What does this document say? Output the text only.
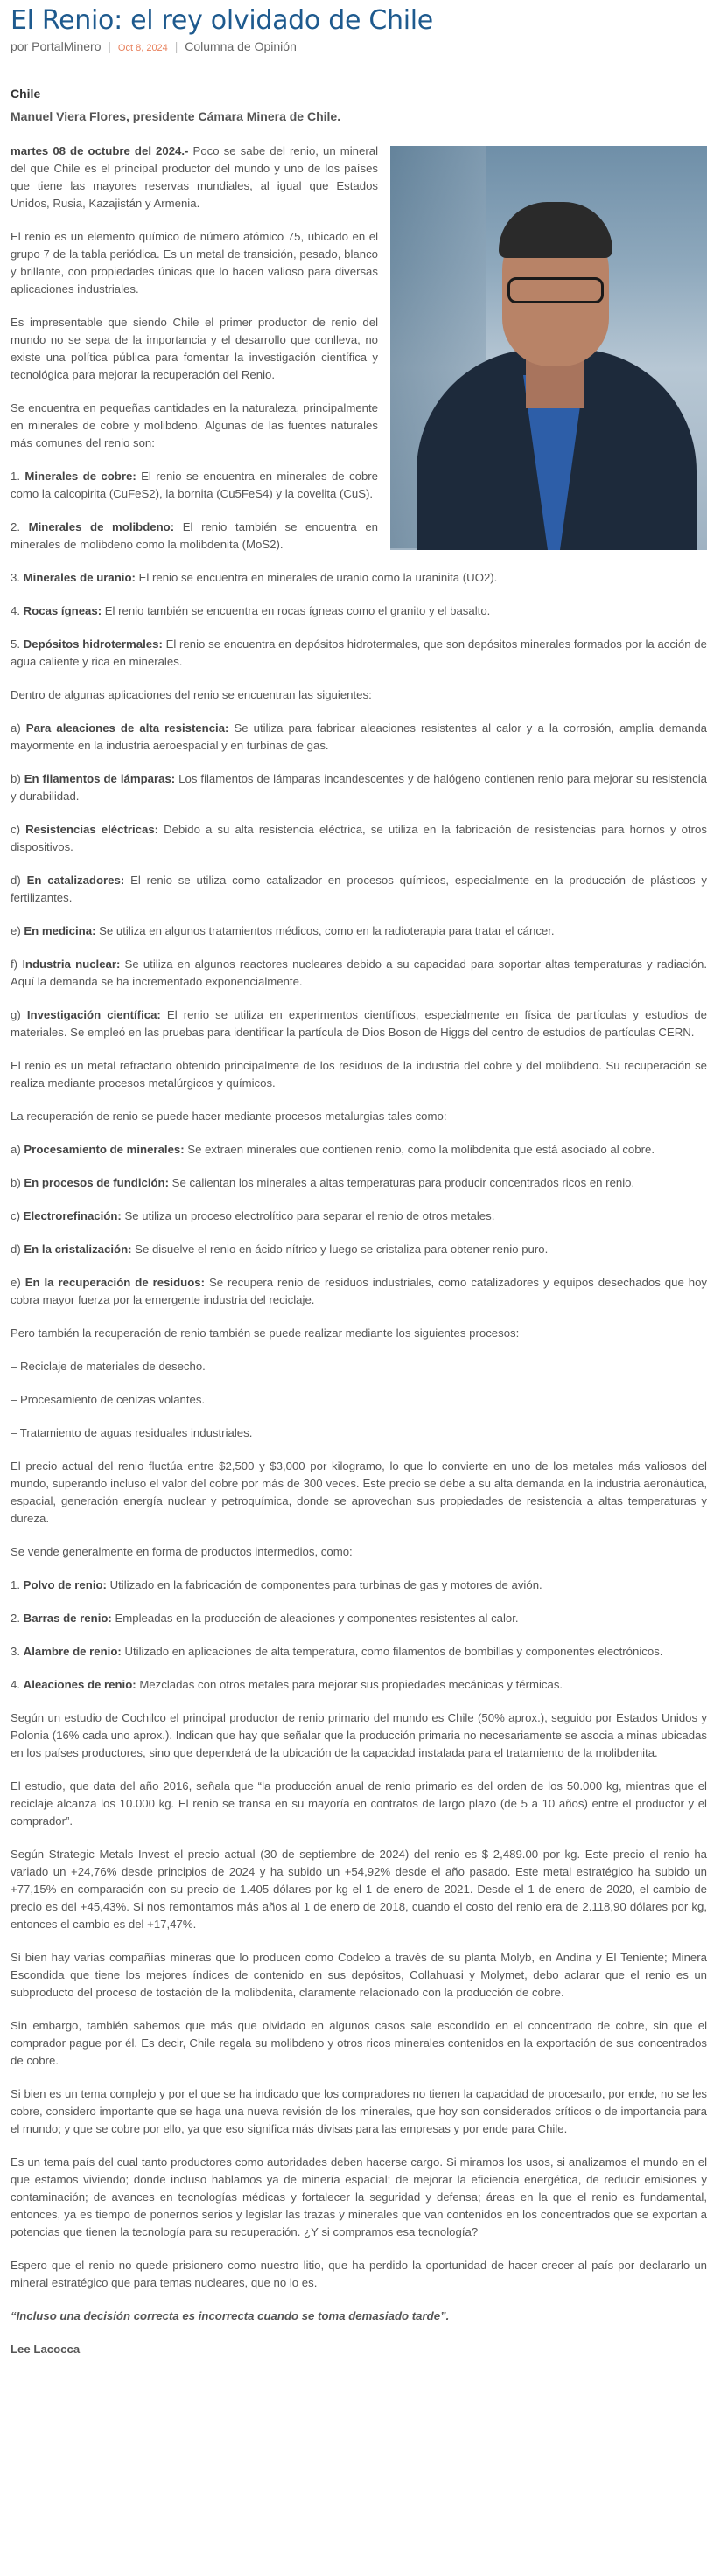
El Renio: el rey olvidado de Chile
por PortalMinero | Oct 8, 2024 | Columna de Opinión
Chile
Manuel Viera Flores, presidente Cámara Minera de Chile.

martes 08 de octubre del 2024.- Poco se sabe del renio, un mineral del que Chile es el principal productor del mundo y uno de los países que tiene las mayores reservas mundiales, al igual que Estados Unidos, Rusia, Kazajistán y Armenia.

El renio es un elemento químico de número atómico 75, ubicado en el grupo 7 de la tabla periódica. Es un metal de transición, pesado, blanco y brillante, con propiedades únicas que lo hacen valioso para diversas aplicaciones industriales.

Es impresentable que siendo Chile el primer productor de renio del mundo no se sepa de la importancia y el desarrollo que conlleva, no existe una política pública para fomentar la investigación científica y tecnológica para mejorar la recuperación del Renio.

Se encuentra en pequeñas cantidades en la naturaleza, principalmente en minerales de cobre y molibdeno. Algunas de las fuentes naturales más comunes del renio son:

1. Minerales de cobre: El renio se encuentra en minerales de cobre como la calcopirita (CuFeS2), la bornita (Cu5FeS4) y la covelita (CuS).

2. Minerales de molibdeno: El renio también se encuentra en minerales de molibdeno como la molibdenita (MoS2).

3. Minerales de uranio: El renio se encuentra en minerales de uranio como la uraninita (UO2).

4. Rocas ígneas: El renio también se encuentra en rocas ígneas como el granito y el basalto.

5. Depósitos hidrotermales: El renio se encuentra en depósitos hidrotermales, que son depósitos minerales formados por la acción de agua caliente y rica en minerales.

Dentro de algunas aplicaciones del renio se encuentran las siguientes:

a) Para aleaciones de alta resistencia: Se utiliza para fabricar aleaciones resistentes al calor y a la corrosión, amplia demanda mayormente en la industria aeroespacial y en turbinas de gas.

b) En filamentos de lámparas: Los filamentos de lámparas incandescentes y de halógeno contienen renio para mejorar su resistencia y durabilidad.

c) Resistencias eléctricas: Debido a su alta resistencia eléctrica, se utiliza en la fabricación de resistencias para hornos y otros dispositivos.

d) En catalizadores: El renio se utiliza como catalizador en procesos químicos, especialmente en la producción de plásticos y fertilizantes.

e) En medicina: Se utiliza en algunos tratamientos médicos, como en la radioterapia para tratar el cáncer.

f) Industria nuclear: Se utiliza en algunos reactores nucleares debido a su capacidad para soportar altas temperaturas y radiación. Aquí la demanda se ha incrementado exponencialmente.

g) Investigación científica: El renio se utiliza en experimentos científicos, especialmente en física de partículas y estudios de materiales. Se empleó en las pruebas para identificar la partícula de Dios Boson de Higgs del centro de estudios de partículas CERN.

El renio es un metal refractario obtenido principalmente de los residuos de la industria del cobre y del molibdeno. Su recuperación se realiza mediante procesos metalúrgicos y químicos.

La recuperación de renio se puede hacer mediante procesos metalurgias tales como:

a) Procesamiento de minerales: Se extraen minerales que contienen renio, como la molibdenita que está asociado al cobre.

b) En procesos de fundición: Se calientan los minerales a altas temperaturas para producir concentrados ricos en renio.

c) Electrorefinación: Se utiliza un proceso electrolítico para separar el renio de otros metales.

d) En la cristalización: Se disuelve el renio en ácido nítrico y luego se cristaliza para obtener renio puro.

e) En la recuperación de residuos: Se recupera renio de residuos industriales, como catalizadores y equipos desechados que hoy cobra mayor fuerza por la emergente industria del reciclaje.

Pero también la recuperación de renio también se puede realizar mediante los siguientes procesos:

– Reciclaje de materiales de desecho.

– Procesamiento de cenizas volantes.

– Tratamiento de aguas residuales industriales.

El precio actual del renio fluctúa entre $2,500 y $3,000 por kilogramo, lo que lo convierte en uno de los metales más valiosos del mundo, superando incluso el valor del cobre por más de 300 veces. Este precio se debe a su alta demanda en la industria aeronáutica, espacial, generación energía nuclear y petroquímica, donde se aprovechan sus propiedades de resistencia a altas temperaturas y dureza.

Se vende generalmente en forma de productos intermedios, como:

1. Polvo de renio: Utilizado en la fabricación de componentes para turbinas de gas y motores de avión.

2. Barras de renio: Empleadas en la producción de aleaciones y componentes resistentes al calor.

3. Alambre de renio: Utilizado en aplicaciones de alta temperatura, como filamentos de bombillas y componentes electrónicos.

4. Aleaciones de renio: Mezcladas con otros metales para mejorar sus propiedades mecánicas y térmicas.

Según un estudio de Cochilco el principal productor de renio primario del mundo es Chile (50% aprox.), seguido por Estados Unidos y Polonia (16% cada uno aprox.). Indican que hay que señalar que la producción primaria no necesariamente se asocia a minas ubicadas en los países productores, sino que dependerá de la ubicación de la capacidad instalada para el tratamiento de la molibdenita.

El estudio, que data del año 2016, señala que “la producción anual de renio primario es del orden de los 50.000 kg, mientras que el reciclaje alcanza los 10.000 kg. El renio se transa en su mayoría en contratos de largo plazo (de 5 a 10 años) entre el productor y el comprador”.

Según Strategic Metals Invest el precio actual (30 de septiembre de 2024) del renio es $ 2,489.00 por kg. Este precio el renio ha variado un +24,76% desde principios de 2024 y ha subido un +54,92% desde el año pasado. Este metal estratégico ha subido un +77,15% en comparación con su precio de 1.405 dólares por kg el 1 de enero de 2021. Desde el 1 de enero de 2020, el cambio de precio es del +45,43%. Si nos remontamos más años al 1 de enero de 2018, cuando el costo del renio era de 2.118,90 dólares por kg, entonces el cambio es del +17,47%.

Si bien hay varias compañías mineras que lo producen como Codelco a través de su planta Molyb, en Andina y El Teniente; Minera Escondida que tiene los mejores índices de contenido en sus depósitos, Collahuasi y Molymet, debo aclarar que el renio es un subproducto del proceso de tostación de la molibdenita, claramente relacionado con la producción de cobre.

Sin embargo, también sabemos que más que olvidado en algunos casos sale escondido en el concentrado de cobre, sin que el comprador pague por él. Es decir, Chile regala su molibdeno y otros ricos minerales contenidos en la exportación de sus concentrados de cobre.

Si bien es un tema complejo y por el que se ha indicado que los compradores no tienen la capacidad de procesarlo, por ende, no se les cobre, considero importante que se haga una nueva revisión de los minerales, que hoy son considerados críticos o de importancia para el mundo; y que se cobre por ello, ya que eso significa más divisas para las empresas y por ende para Chile.

Es un tema país del cual tanto productores como autoridades deben hacerse cargo. Si miramos los usos, si analizamos el mundo en el que estamos viviendo; donde incluso hablamos ya de minería espacial; de mejorar la eficiencia energética, de reducir emisiones y contaminación; de avances en tecnologías médicas y fortalecer la seguridad y defensa; áreas en la que el renio es fundamental, entonces, ya es tiempo de ponernos serios y legislar las trazas y minerales que van contenidos en los concentrados que se exportan a potencias que tienen la tecnología para su recuperación. ¿Y si compramos esa tecnología?

Espero que el renio no quede prisionero como nuestro litio, que ha perdido la oportunidad de hacer crecer al país por declararlo un mineral estratégico que para temas nucleares, que no lo es.

“Incluso una decisión correcta es incorrecta cuando se toma demasiado tarde”.

Lee Lacocca
